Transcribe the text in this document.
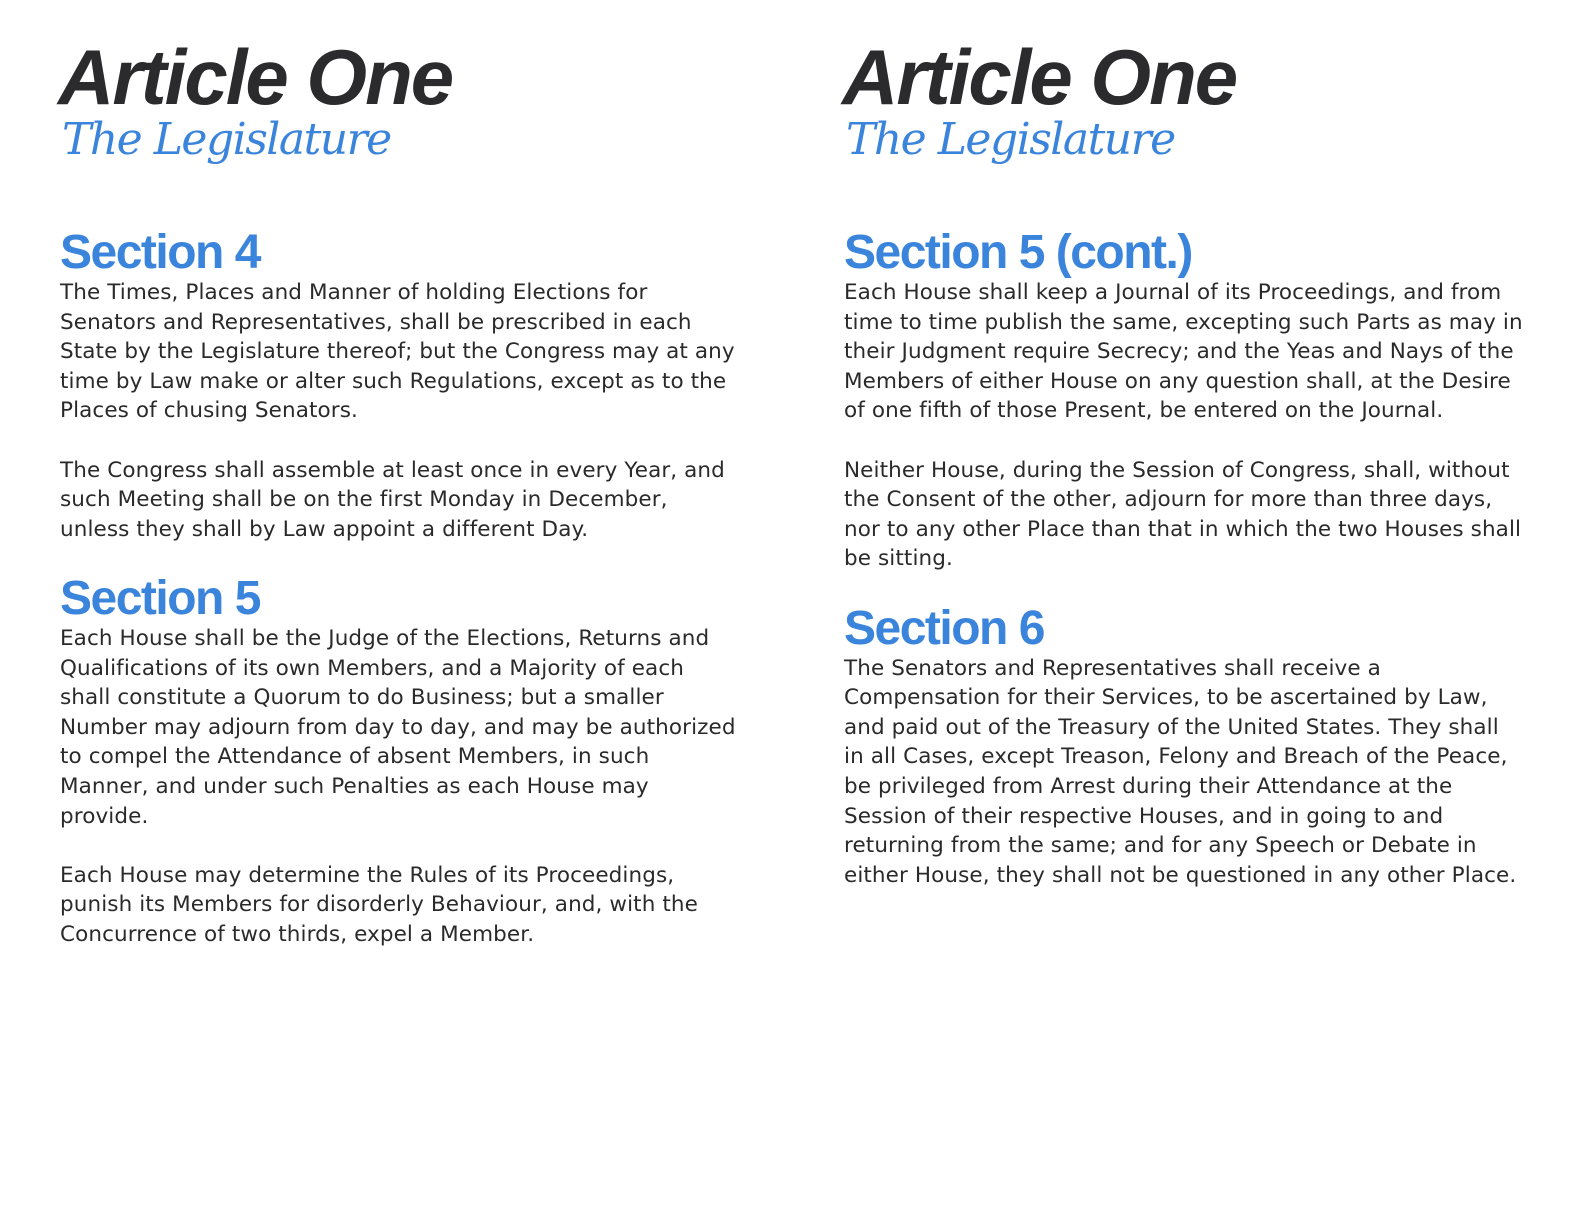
Article One
The Legislature
Section 4

The Times, Places and Manner of holding Elections for Senators and Representatives, shall be prescribed in each State by the Legislature thereof; but the Congress may at any time by Law make or alter such Regulations, except as to the Places of chusing Senators.

The Congress shall assemble at least once in every Year, and such Meeting shall be on the first Monday in December, unless they shall by Law appoint a different Day.

Section 5

Each House shall be the Judge of the Elections, Returns and Qualifications of its own Members, and a Majority of each shall constitute a Quorum to do Business; but a smaller Number may adjourn from day to day, and may be authorized to compel the Attendance of absent Members, in such Manner, and under such Penalties as each House may provide.

Each House may determine the Rules of its Proceedings, punish its Members for disorderly Behaviour, and, with the Concurrence of two thirds, expel a Member.

Article One
The Legislature
Section 5 (cont.)

Each House shall keep a Journal of its Proceedings, and from time to time publish the same, excepting such Parts as may in their Judgment require Secrecy; and the Yeas and Nays of the Members of either House on any question shall, at the Desire of one fifth of those Present, be entered on the Journal.

Neither House, during the Session of Congress, shall, without the Consent of the other, adjourn for more than three days, nor to any other Place than that in which the two Houses shall be sitting.

Section 6

The Senators and Representatives shall receive a Compensation for their Services, to be ascertained by Law, and paid out of the Treasury of the United States. They shall in all Cases, except Treason, Felony and Breach of the Peace, be privileged from Arrest during their Attendance at the Session of their respective Houses, and in going to and returning from the same; and for any Speech or Debate in either House, they shall not be questioned in any other Place.
